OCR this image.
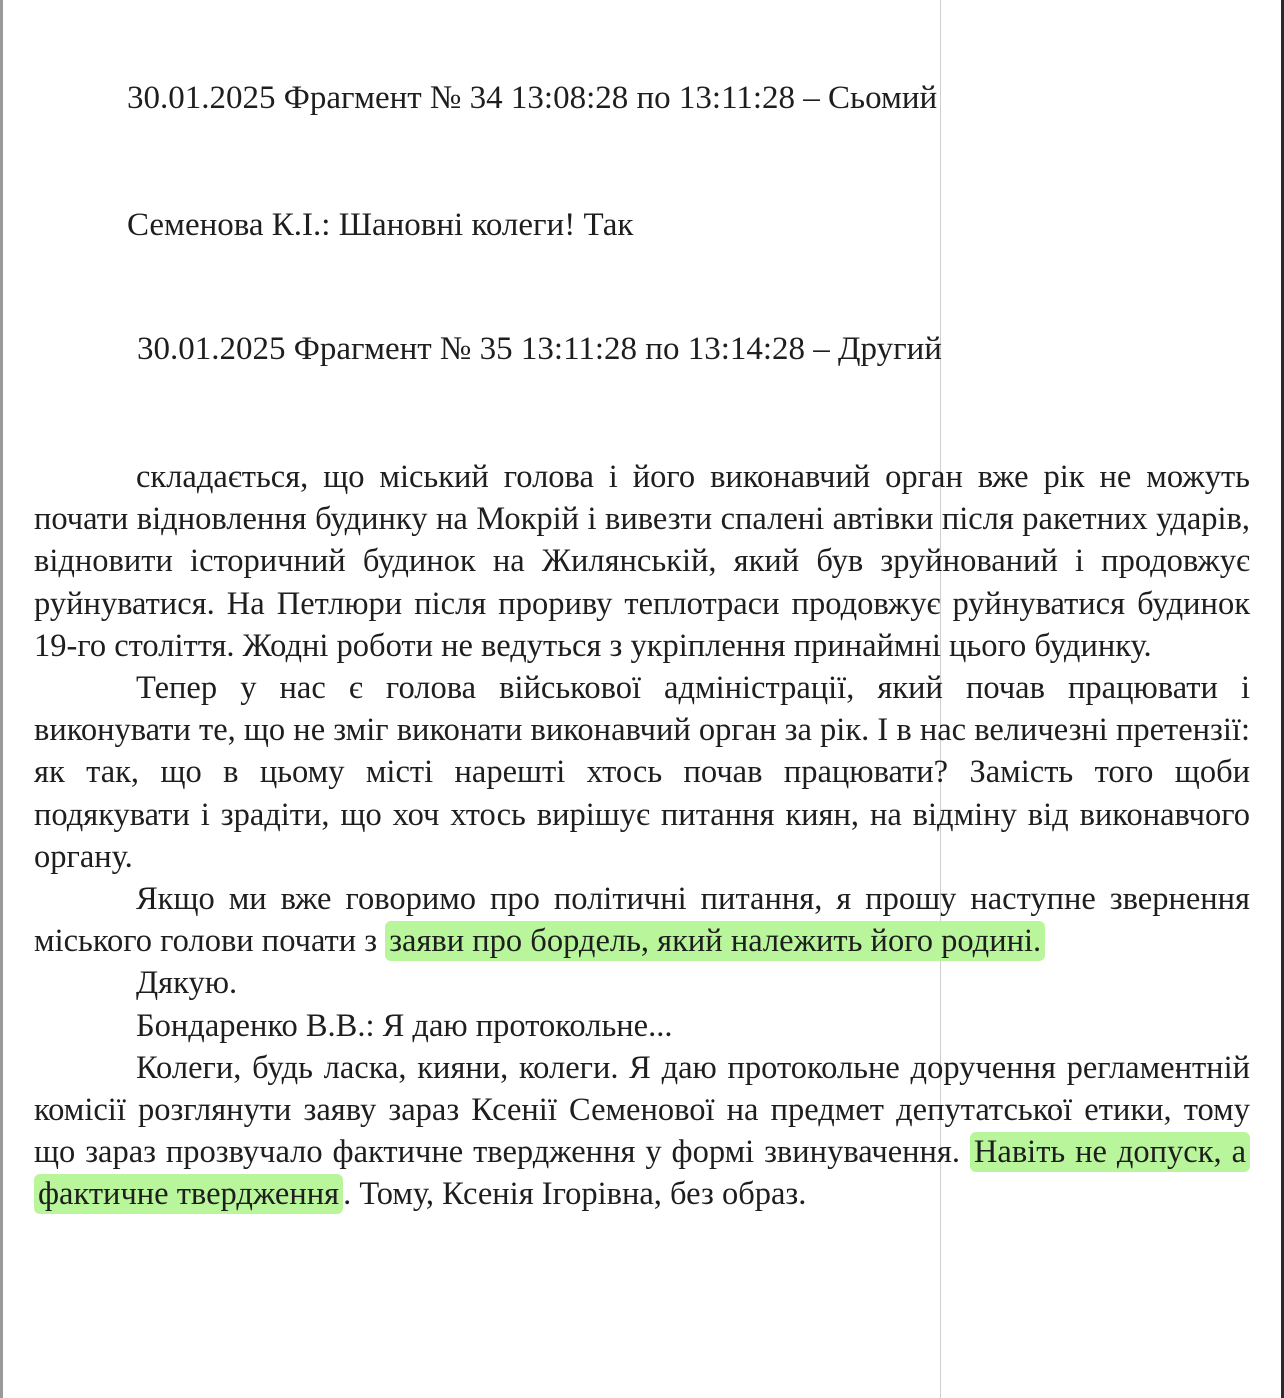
30.01.2025 Фрагмент № 34 13:08:28 по 13:11:28 – Сьомий
Семенова К.І.: Шановні колеги! Так
30.01.2025 Фрагмент № 35 13:11:28 по 13:14:28 – Другий

складається, що міський голова і його виконавчий орган вже рік не можуть почати відновлення будинку на Мокрій і вивезти спалені автівки після ракетних ударів, відновити історичний будинок на Жилянській, який був зруйнований і продовжує руйнуватися. На Петлюри після прориву теплотраси продовжує руйнуватися будинок 19-го століття. Жодні роботи не ведуться з укріплення принаймні цього будинку.

Тепер у нас є голова військової адміністрації, який почав працювати і виконувати те, що не зміг виконати виконавчий орган за рік. І в нас величезні претензії: як так, що в цьому місті нарешті хтось почав працювати? Замість того щоби подякувати і зрадіти, що хоч хтось вирішує питання киян, на відміну від виконавчого органу.

Якщо ми вже говоримо про політичні питання, я прошу наступне звернення міського голови почати з заяви про бордель, який належить його родині.

Дякую.

Бондаренко В.В.: Я даю протокольне...

Колеги, будь ласка, кияни, колеги. Я даю протокольне доручення регламентній комісії розглянути заяву зараз Ксенії Семенової на предмет депутатської етики, тому що зараз прозвучало фактичне твердження у формі звинувачення. Навіть не допуск, а фактичне твердження . Тому, Ксенія Ігорівна, без образ.
